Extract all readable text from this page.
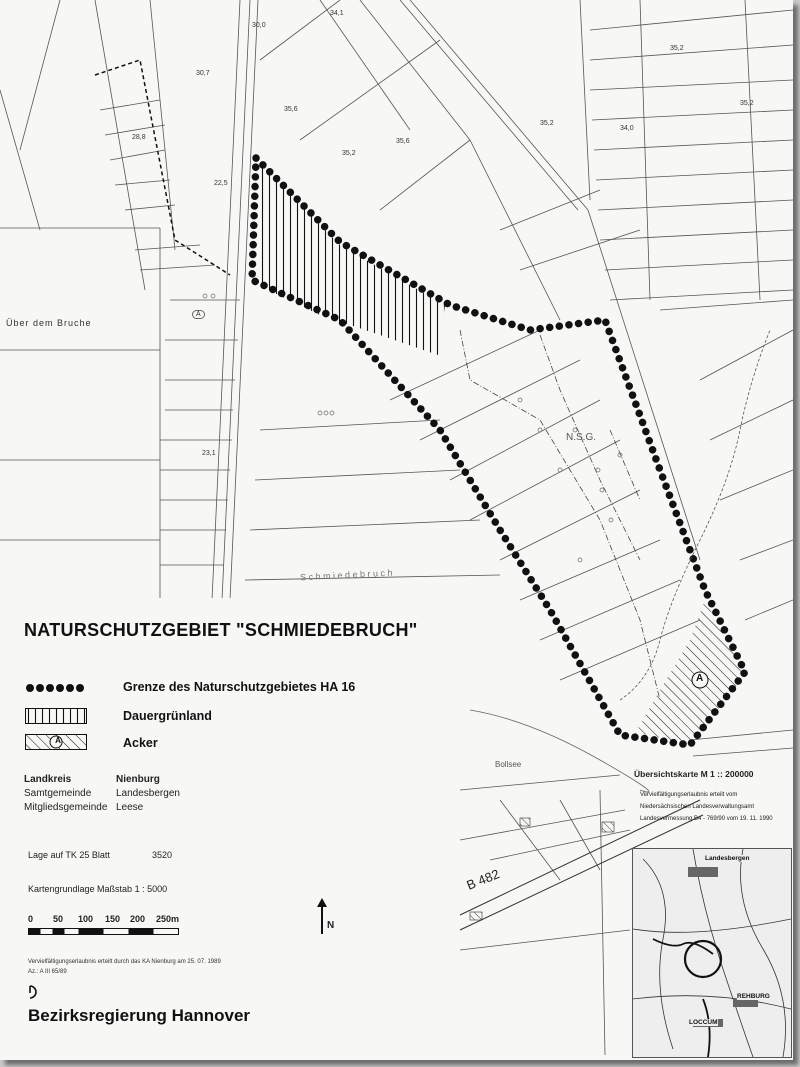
Über dem Bruche
S c h m i e d e b r u c h
N.S.G.
A
Bollsee
B 482
A
30,0
30,7
34,1
28,8
35,6
35,2
35,6
35,2
34,0
35,2
35,2
22,5
23,1
NATURSCHUTZGEBIET "SCHMIEDEBRUCH"
Grenze des Naturschutzgebietes HA 16
Dauergrünland
A	Acker
Landkreis	Nienburg
Samtgemeinde Landesbergen
Mitgliedsgemeinde Leese
Lage auf TK 25 Blatt	3520
Kartengrundlage Maßstab 1 : 5000
0 50 100 150 200 250m
N
Vervielfältigungserlaubnis erteilt durch das KA Nienburg am 25. 07. 1989
Az.: A III 65/89
Bezirksregierung Hannover
Übersichtskarte M 1 :: 200000
Vervielfältigungserlaubnis erteilt vom
Niedersächsischen Landesverwaltungsamt
Landesvermessung B4 - 769/90 vom 19. 11. 1990
Landesbergen
REHBURG
LOCCUM
